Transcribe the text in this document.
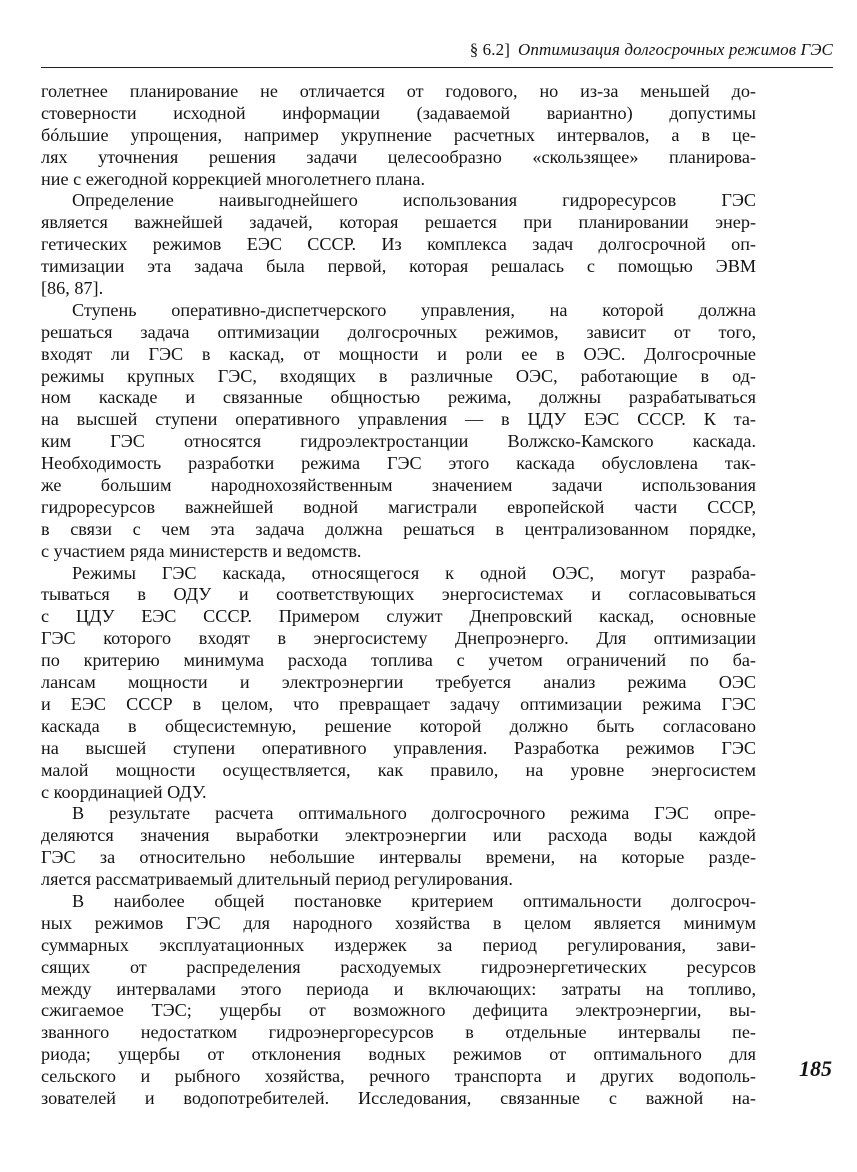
§ 6.2] Оптимизация долгосрочных режимов ГЭС
голетнее планирование не отличается от годового, но из-за меньшей до-
стоверности исходной информации (задаваемой вариантно) допустимы
бóльшие упрощения, например укрупнение расчетных интервалов, а в це-
лях уточнения решения задачи целесообразно «скользящее» планирова-
ние с ежегодной коррекцией многолетнего плана.
Определение наивыгоднейшего использования гидроресурсов ГЭС
является важнейшей задачей, которая решается при планировании энер-
гетических режимов ЕЭС СССР. Из комплекса задач долгосрочной оп-
тимизации эта задача была первой, которая решалась с помощью ЭВМ
[86, 87].
Ступень оперативно-диспетчерского управления, на которой должна
решаться задача оптимизации долгосрочных режимов, зависит от того,
входят ли ГЭС в каскад, от мощности и роли ее в ОЭС. Долгосрочные
режимы крупных ГЭС, входящих в различные ОЭС, работающие в од-
ном каскаде и связанные общностью режима, должны разрабатываться
на высшей ступени оперативного управления — в ЦДУ ЕЭС СССР. К та-
ким ГЭС относятся гидроэлектростанции Волжско-Камского каскада.
Необходимость разработки режима ГЭС этого каскада обусловлена так-
же большим народнохозяйственным значением задачи использования
гидроресурсов важнейшей водной магистрали европейской части СССР,
в связи с чем эта задача должна решаться в централизованном порядке,
с участием ряда министерств и ведомств.
Режимы ГЭС каскада, относящегося к одной ОЭС, могут разраба-
тываться в ОДУ и соответствующих энергосистемах и согласовываться
с ЦДУ ЕЭС СССР. Примером служит Днепровский каскад, основные
ГЭС которого входят в энергосистему Днепроэнерго. Для оптимизации
по критерию минимума расхода топлива с учетом ограничений по ба-
лансам мощности и электроэнергии требуется анализ режима ОЭС
и ЕЭС СССР в целом, что превращает задачу оптимизации режима ГЭС
каскада в общесистемную, решение которой должно быть согласовано
на высшей ступени оперативного управления. Разработка режимов ГЭС
малой мощности осуществляется, как правило, на уровне энергосистем
с координацией ОДУ.
В результате расчета оптимального долгосрочного режима ГЭС опре-
деляются значения выработки электроэнергии или расхода воды каждой
ГЭС за относительно небольшие интервалы времени, на которые разде-
ляется рассматриваемый длительный период регулирования.
В наиболее общей постановке критерием оптимальности долгосроч-
ных режимов ГЭС для народного хозяйства в целом является минимум
суммарных эксплуатационных издержек за период регулирования, зави-
сящих от распределения расходуемых гидроэнергетических ресурсов
между интервалами этого периода и включающих: затраты на топливо,
сжигаемое ТЭС; ущербы от возможного дефицита электроэнергии, вы-
званного недостатком гидроэнергоресурсов в отдельные интервалы пе-
риода; ущербы от отклонения водных режимов от оптимального для
сельского и рыбного хозяйства, речного транспорта и других водополь-
зователей и водопотребителей. Исследования, связанные с важной на-
185
